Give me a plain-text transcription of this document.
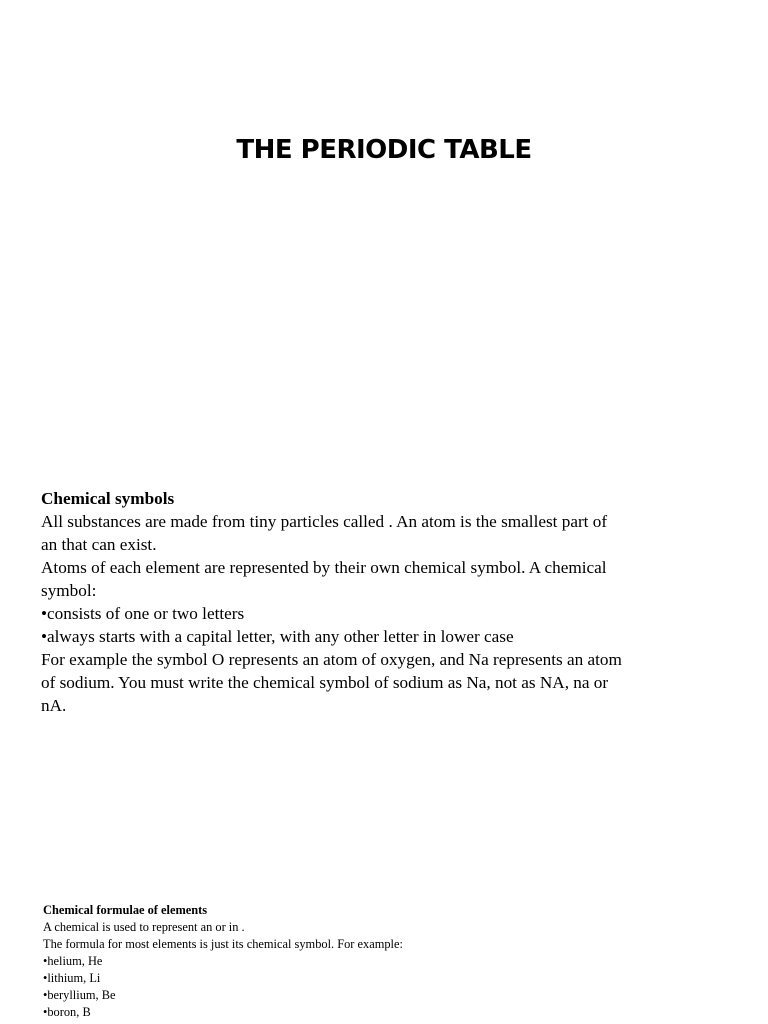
THE PERIODIC TABLE

Chemical symbols

All substances are made from tiny particles called . An atom is the smallest part of

an that can exist.

Atoms of each element are represented by their own chemical symbol. A chemical

symbol:

• consists of one or two letters

• always starts with a capital letter, with any other letter in lower case

For example the symbol O represents an atom of oxygen, and Na represents an atom

of sodium. You must write the chemical symbol of sodium as Na, not as NA, na or

nA.

Chemical formulae of elements

A chemical is used to represent an or in .

The formula for most elements is just its chemical symbol. For example:

• helium, He

• lithium, Li

• beryllium, Be

• boron, B
